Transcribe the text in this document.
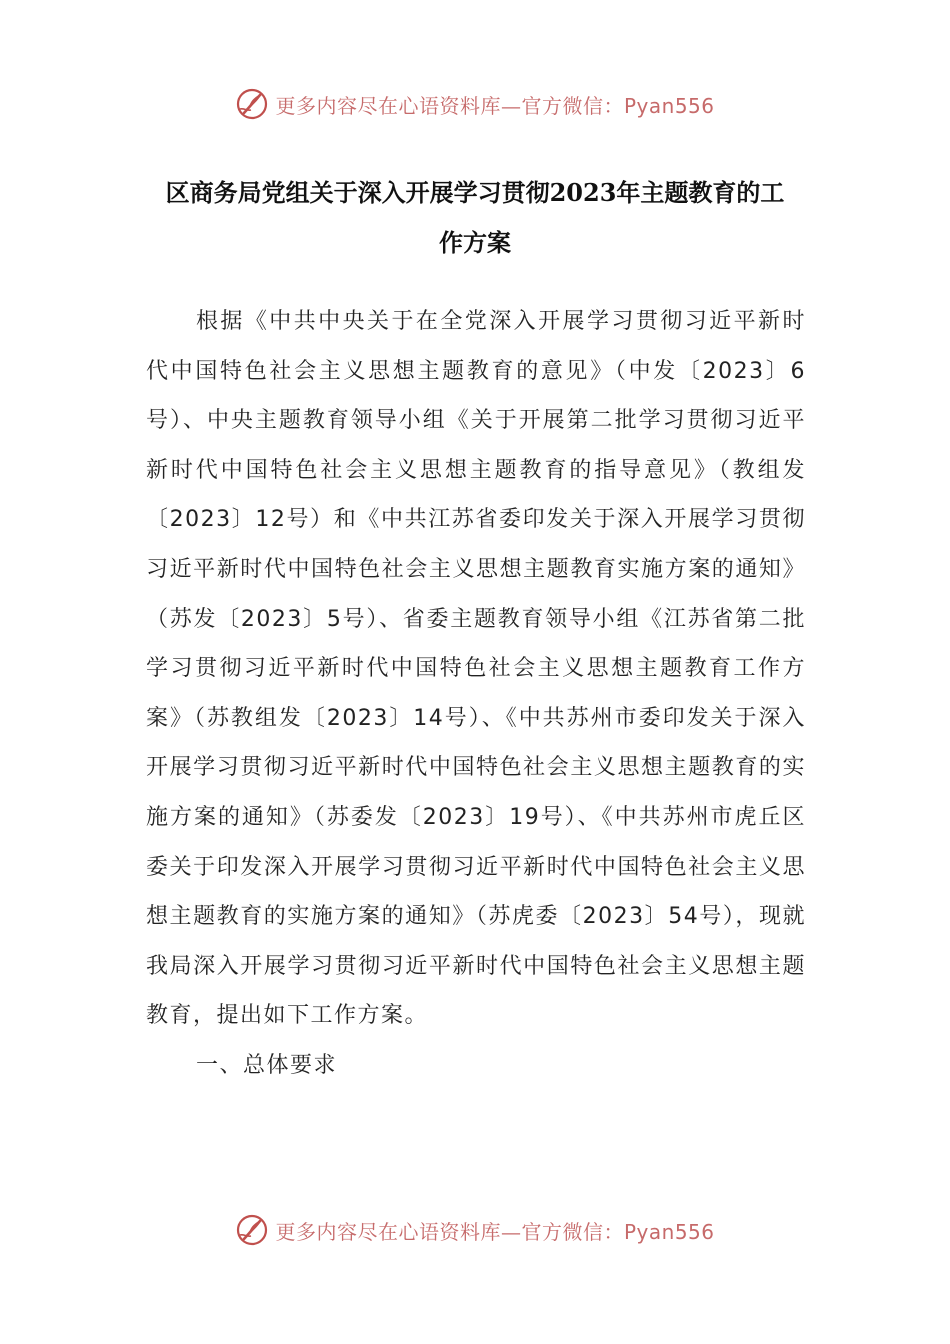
更多内容尽在心语资料库—官方微信：Pyan556
区商务局党组关于深入开展学习贯彻2023年主题教育的工
作方案

根据《中共中央关于在全党深入开展学习贯彻习近平新时代中国特色社会主义思想主题教育的意见》（中发〔2023〕6号）、中央主题教育领导小组《关于开展第二批学习贯彻习近平新时代中国特色社会主义思想主题教育的指导意见》（教组发〔2023〕12号）和《中共江苏省委印发关于深入开展学习贯彻习近平新时代中国特色社会主义思想主题教育实施方案的通知》（苏发〔2023〕5号）、省委主题教育领导小组《江苏省第二批学习贯彻习近平新时代中国特色社会主义思想主题教育工作方案》（苏教组发〔2023〕14号）、《中共苏州市委印发关于深入开展学习贯彻习近平新时代中国特色社会主义思想主题教育的实施方案的通知》（苏委发〔2023〕19号）、《中共苏州市虎丘区委关于印发深入开展学习贯彻习近平新时代中国特色社会主义思想主题教育的实施方案的通知》（苏虎委〔2023〕54号），现就我局深入开展学习贯彻习近平新时代中国特色社会主义思想主题教育，提出如下工作方案。

一、总体要求

更多内容尽在心语资料库—官方微信：Pyan556
